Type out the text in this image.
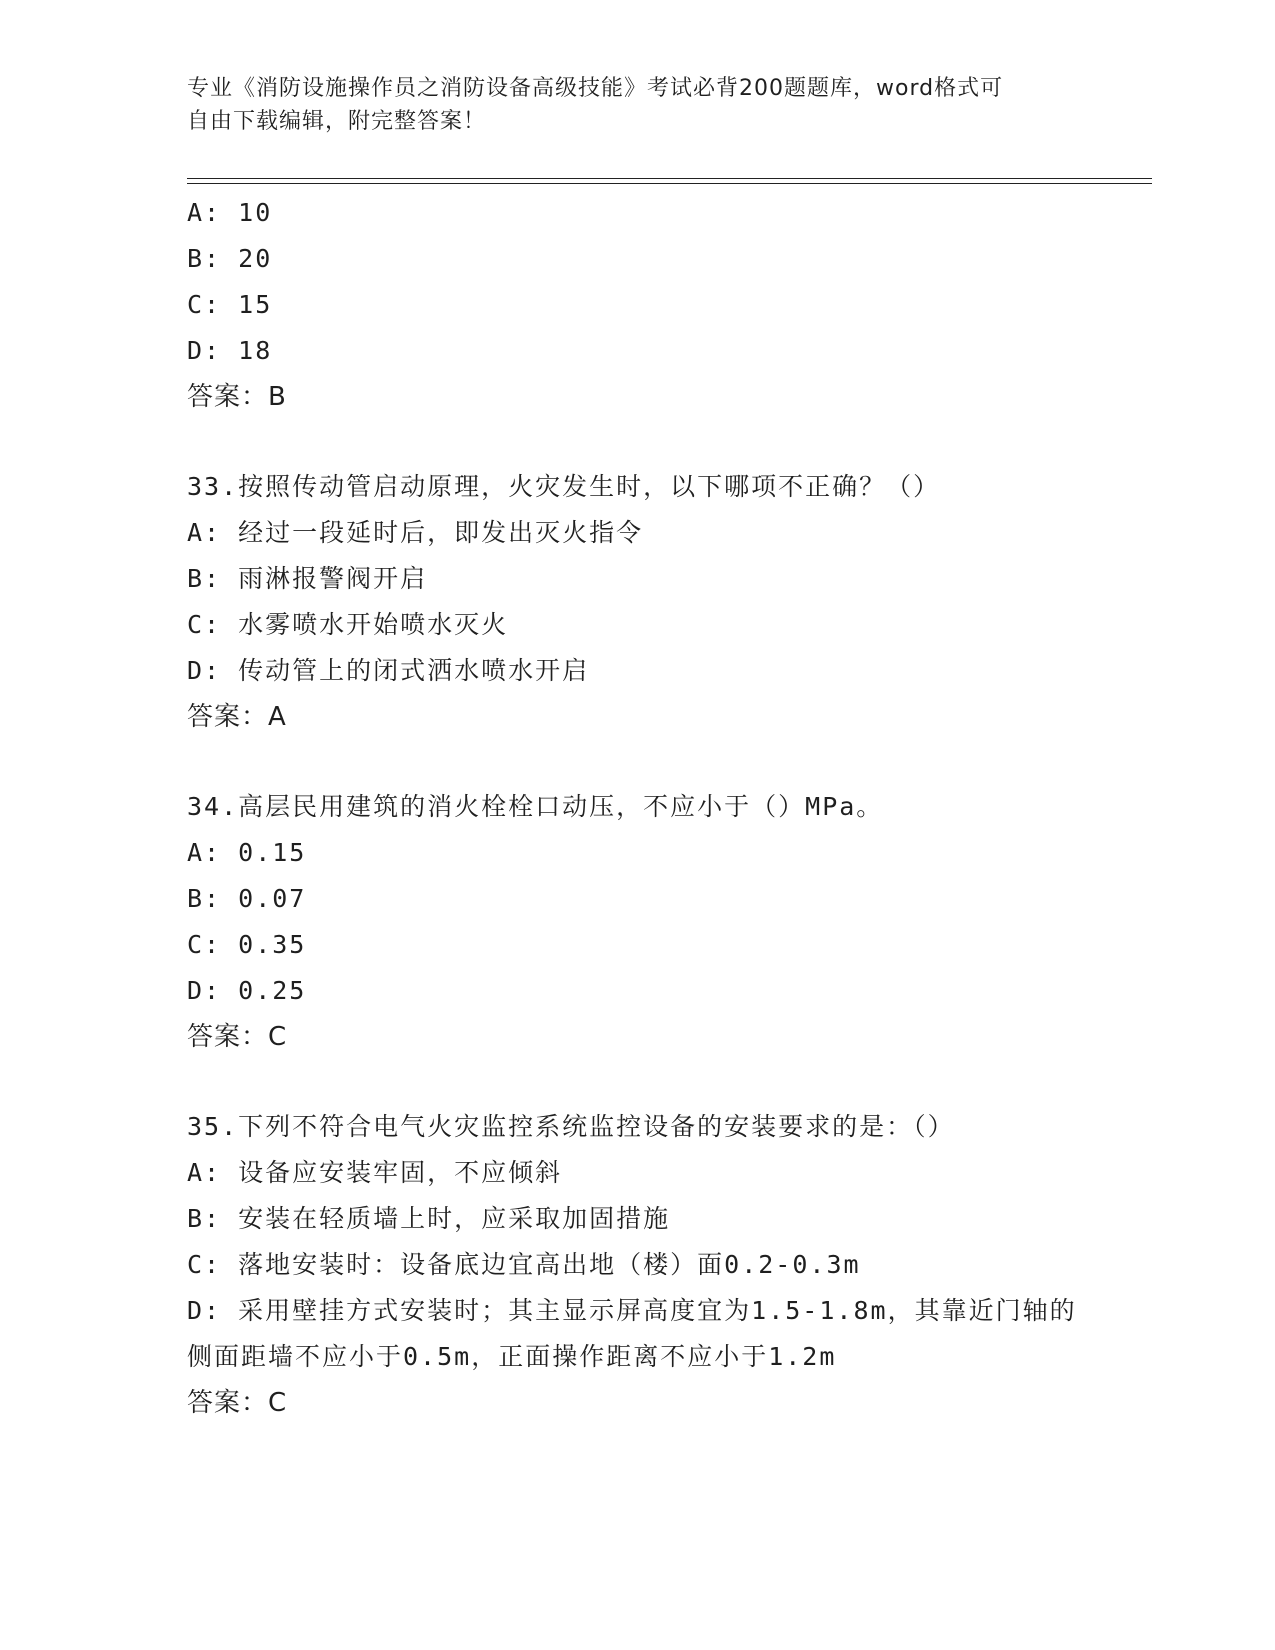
专业《消防设施操作员之消防设备高级技能》考试必背200题题库，word格式可
自由下载编辑，附完整答案！
A: 10
B: 20
C: 15
D: 18
答案：B
33.按照传动管启动原理，火灾发生时，以下哪项不正确？（）
A: 经过一段延时后，即发出灭火指令
B: 雨淋报警阀开启
C: 水雾喷水开始喷水灭火
D: 传动管上的闭式洒水喷水开启
答案：A
34.高层民用建筑的消火栓栓口动压，不应小于（）MPa。
A: 0.15
B: 0.07
C: 0.35
D: 0.25
答案：C
35.下列不符合电气火灾监控系统监控设备的安装要求的是：（）
A: 设备应安装牢固，不应倾斜
B: 安装在轻质墙上时，应采取加固措施
C: 落地安装时：设备底边宜高出地（楼）面0.2-0.3m
D: 采用壁挂方式安装时；其主显示屏高度宜为1.5-1.8m，其靠近门轴的侧面距墙不应小于0.5m，正面操作距离不应小于1.2m
答案：C
